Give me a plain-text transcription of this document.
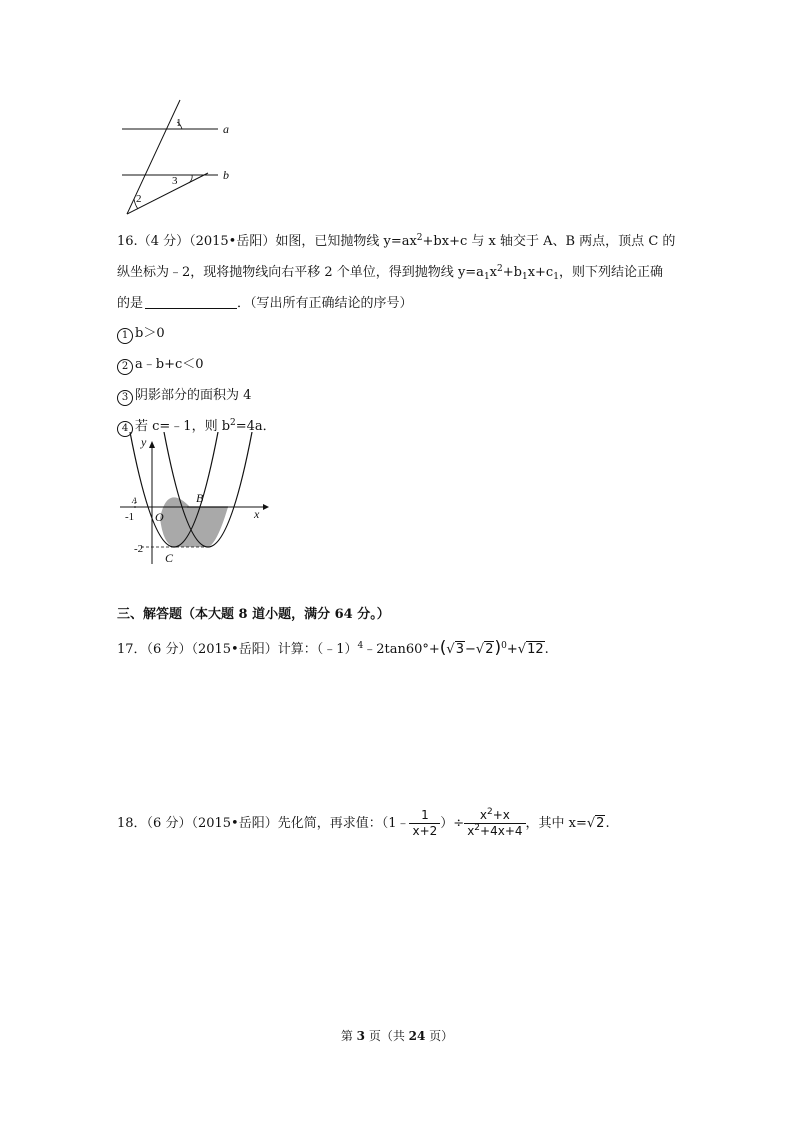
1
2
3
a
b
16.（4 分）（2015•岳阳）如图，已知抛物线 $y=ax^2+bx+c$ 与 x 轴交于 A、B 两点，顶点 C 的
纵坐标为﹣2，现将抛物线向右平移 2 个单位，得到抛物线 $y=a_1x^2+b_1x+c_1$，则下列结论正确
的是	．（写出所有正确结论的序号）
1 b＞0
2 a﹣b+c＜0
3 阴影部分的面积为 4
4 若 c=﹣1，则 $b^2=4a$．
y
x
O
B
C
-1
-2
A
三、解答题（本大题 8 道小题，满分 64 分。）
17．（6 分）（2015•岳阳）计算：$(﹣1)^4﹣2\tan 60^\circ+(√3-√2)^0+√12$.
18．（6 分）（2015•岳阳）先化简，再求值：（1﹣ $\frac{1}{x+2}$ ）÷ $\frac{x^2+x}{x^2+4x+4}$ ，其中 x=√2.
第 3 页（共 24 页）
